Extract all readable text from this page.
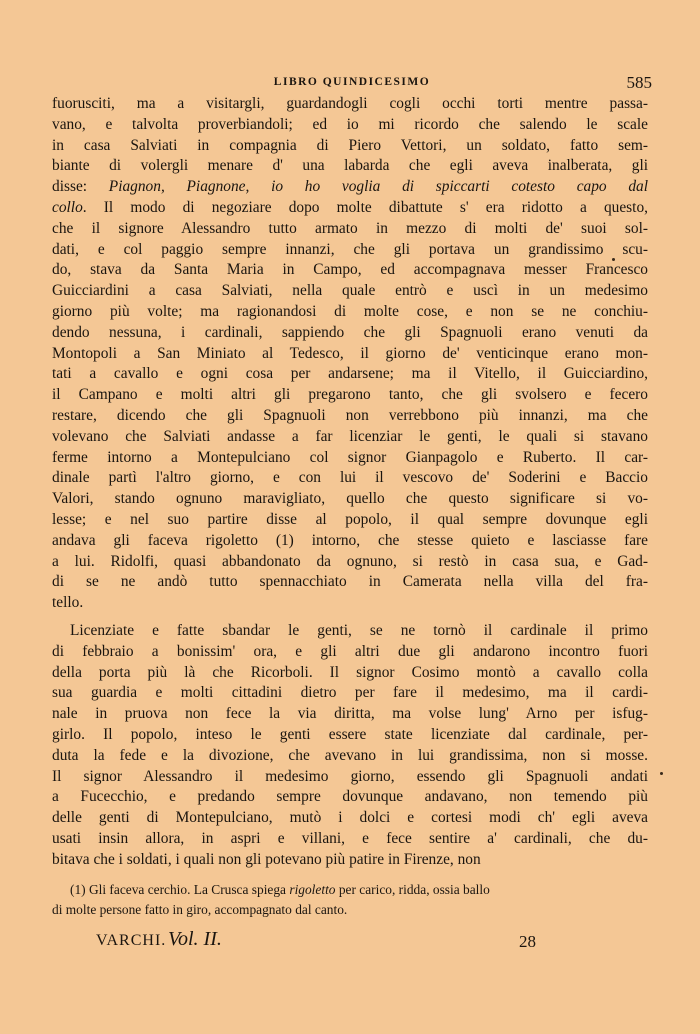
LIBRO QUINDICESIMO	585
fuorusciti, ma a visitargli, guardandogli cogli occhi torti mentre passa-
vano, e talvolta proverbiandoli; ed io mi ricordo che salendo le scale
in casa Salviati in compagnia di Piero Vettori, un soldato, fatto sem-
biante di volergli menare d' una labarda che egli aveva inalberata, gli
disse: Piagnon, Piagnone, io ho voglia di spiccarti cotesto capo dal
collo. Il modo di negoziare dopo molte dibattute s' era ridotto a questo,
che il signore Alessandro tutto armato in mezzo di molti de' suoi sol-
dati, e col paggio sempre innanzi, che gli portava un grandissimo scu-
do, stava da Santa Maria in Campo, ed accompagnava messer Francesco
Guicciardini a casa Salviati, nella quale entrò e uscì in un medesimo
giorno più volte; ma ragionandosi di molte cose, e non se ne conchiu-
dendo nessuna, i cardinali, sappiendo che gli Spagnuoli erano venuti da
Montopoli a San Miniato al Tedesco, il giorno de' venticinque erano mon-
tati a cavallo e ogni cosa per andarsene; ma il Vitello, il Guicciardino,
il Campano e molti altri gli pregarono tanto, che gli svolsero e fecero
restare, dicendo che gli Spagnuoli non verrebbono più innanzi, ma che
volevano che Salviati andasse a far licenziar le genti, le quali si stavano
ferme intorno a Montepulciano col signor Gianpagolo e Ruberto. Il car-
dinale partì l'altro giorno, e con lui il vescovo de' Soderini e Baccio
Valori, stando ognuno maravigliato, quello che questo significare si vo-
lesse; e nel suo partire disse al popolo, il qual sempre dovunque egli
andava gli faceva rigoletto (1) intorno, che stesse quieto e lasciasse fare
a lui. Ridolfi, quasi abbandonato da ognuno, si restò in casa sua, e Gad-
di se ne andò tutto spennacchiato in Camerata nella villa del fra-
tello.
Licenziate e fatte sbandar le genti, se ne tornò il cardinale il primo
di febbraio a bonissim' ora, e gli altri due gli andarono incontro fuori
della porta più là che Ricorboli. Il signor Cosimo montò a cavallo colla
sua guardia e molti cittadini dietro per fare il medesimo, ma il cardi-
nale in pruova non fece la via diritta, ma volse lung' Arno per isfug-
girlo. Il popolo, inteso le genti essere state licenziate dal cardinale, per-
duta la fede e la divozione, che avevano in lui grandissima, non si mosse.
Il signor Alessandro il medesimo giorno, essendo gli Spagnuoli andati
a Fucecchio, e predando sempre dovunque andavano, non temendo più
delle genti di Montepulciano, mutò i dolci e cortesi modi ch' egli aveva
usati insin allora, in aspri e villani, e fece sentire a' cardinali, che du-
bitava che i soldati, i quali non gli potevano più patire in Firenze, non
(1) Gli faceva cerchio. La Crusca spiega rigoletto per carico, ridda, ossia ballo
di molte persone fatto in giro, accompagnato dal canto.
VARCHI. Vol. II.	28
